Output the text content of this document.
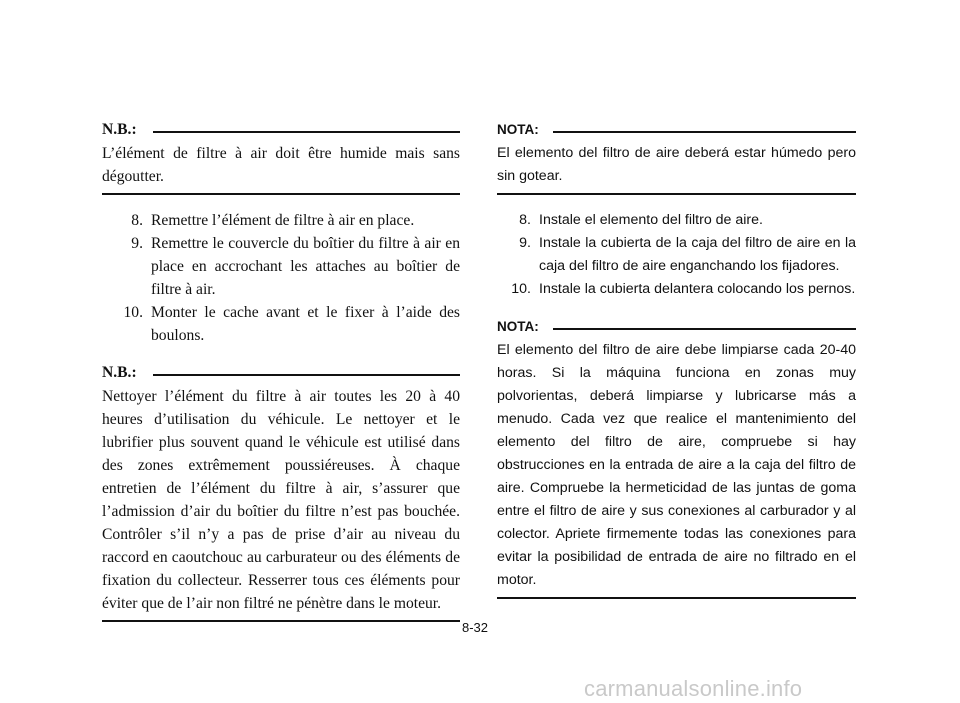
N.B.:

L’élément de filtre à air doit être humide mais sans dégoutter.

8. Remettre l’élément de filtre à air en place.
9. Remettre le couvercle du boîtier du filtre à air en place en accrochant les attaches au boîtier de filtre à air.
10. Monter le cache avant et le fixer à l’aide des boulons.
N.B.:

Nettoyer l’élément du filtre à air toutes les 20 à 40 heures d’utilisation du véhicule. Le nettoyer et le lubrifier plus souvent quand le véhicule est utilisé dans des zones extrêmement poussiéreuses. À chaque entretien de l’élément du filtre à air, s’assurer que l’admission d’air du boîtier du filtre n’est pas bouchée. Contrôler s’il n’y a pas de prise d’air au niveau du raccord en caoutchouc au carburateur ou des éléments de fixation du collecteur. Resserrer tous ces éléments pour éviter que de l’air non filtré ne pénètre dans le moteur.

NOTA:

El elemento del filtro de aire deberá estar húmedo pero sin gotear.

8. Instale el elemento del filtro de aire.
9. Instale la cubierta de la caja del filtro de aire en la caja del filtro de aire enganchando los fijadores.
10. Instale la cubierta delantera colocando los pernos.
NOTA:

El elemento del filtro de aire debe limpiarse cada 20-40 horas. Si la máquina funciona en zonas muy polvorientas, deberá limpiarse y lubricarse más a menudo. Cada vez que realice el mantenimiento del elemento del filtro de aire, compruebe si hay obstrucciones en la entrada de aire a la caja del filtro de aire. Compruebe la hermeticidad de las juntas de goma entre el filtro de aire y sus conexiones al carburador y al colector. Apriete firmemente todas las conexiones para evitar la posibilidad de entrada de aire no filtrado en el motor.

8-32
carmanualsonline.info
